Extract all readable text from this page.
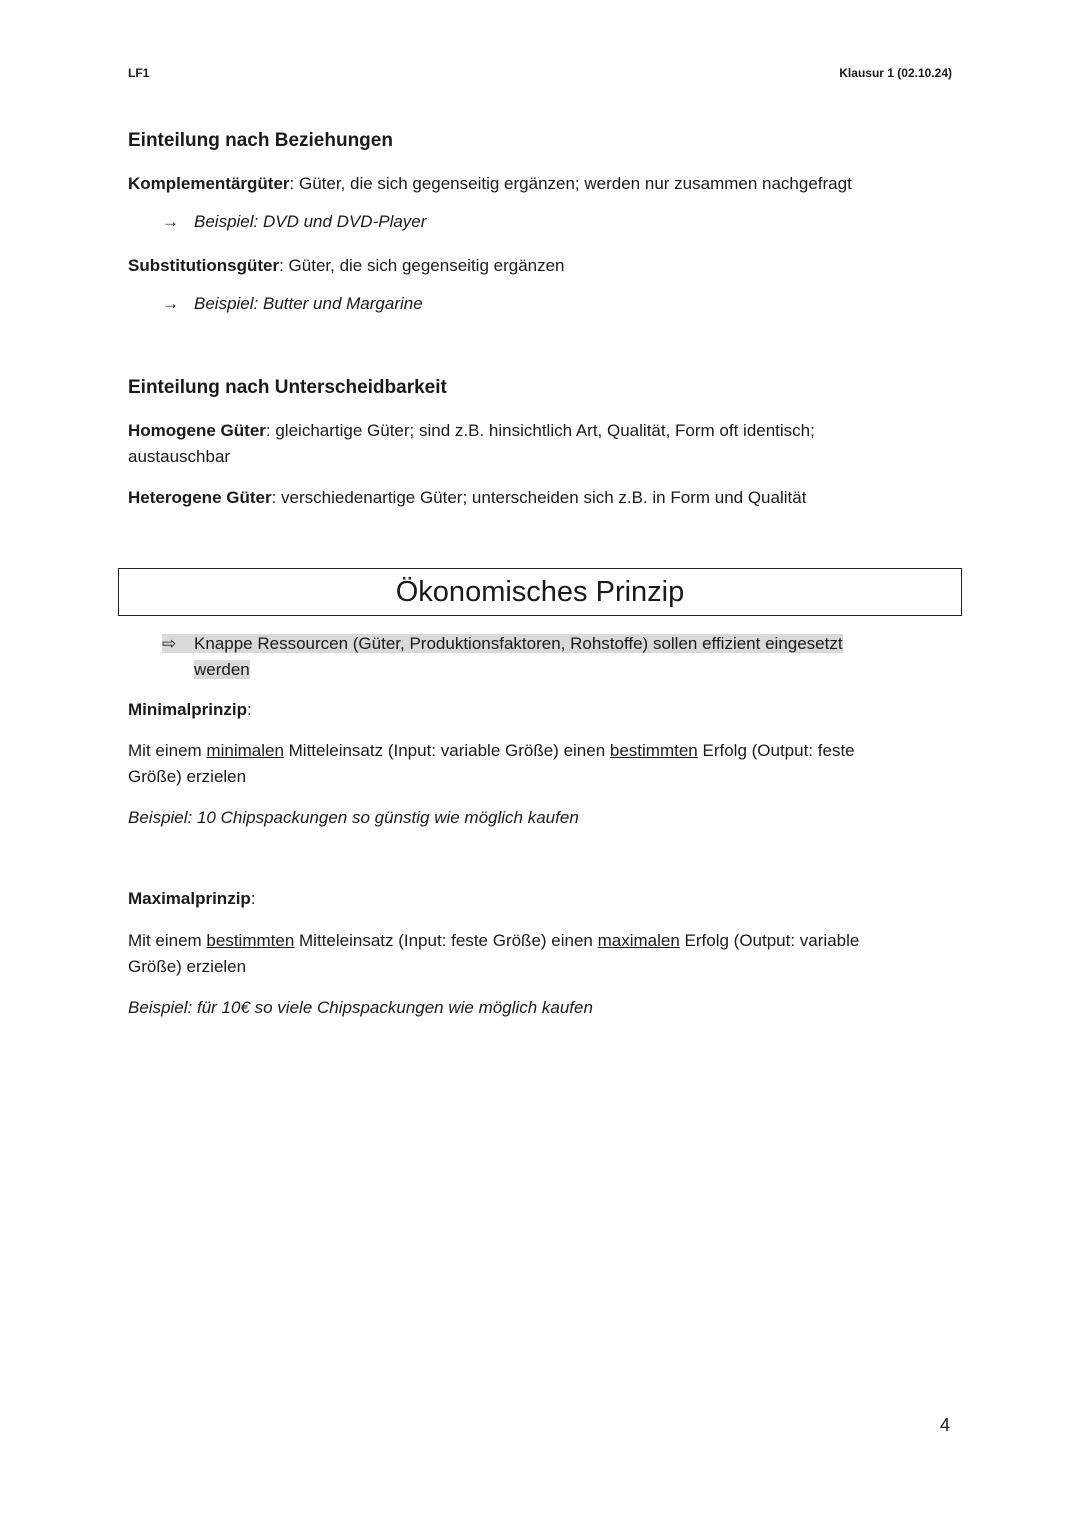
LF1	Klausur 1 (02.10.24)
Einteilung nach Beziehungen
Komplementärgüter: Güter, die sich gegenseitig ergänzen; werden nur zusammen nachgefragt
→ Beispiel: DVD und DVD-Player
Substitutionsgüter: Güter, die sich gegenseitig ergänzen
→ Beispiel: Butter und Margarine
Einteilung nach Unterscheidbarkeit
Homogene Güter: gleichartige Güter; sind z.B. hinsichtlich Art, Qualität, Form oft identisch;
austauschbar
Heterogene Güter: verschiedenartige Güter; unterscheiden sich z.B. in Form und Qualität
Ökonomisches Prinzip
⇨ Knappe Ressourcen (Güter, Produktionsfaktoren, Rohstoffe) sollen effizient eingesetzt
werden
Minimalprinzip:
Mit einem minimalen Mitteleinsatz (Input: variable Größe) einen bestimmten Erfolg (Output: feste
Größe) erzielen
Beispiel: 10 Chipspackungen so günstig wie möglich kaufen
Maximalprinzip:
Mit einem bestimmten Mitteleinsatz (Input: feste Größe) einen maximalen Erfolg (Output: variable
Größe) erzielen
Beispiel: für 10€ so viele Chipspackungen wie möglich kaufen
4
